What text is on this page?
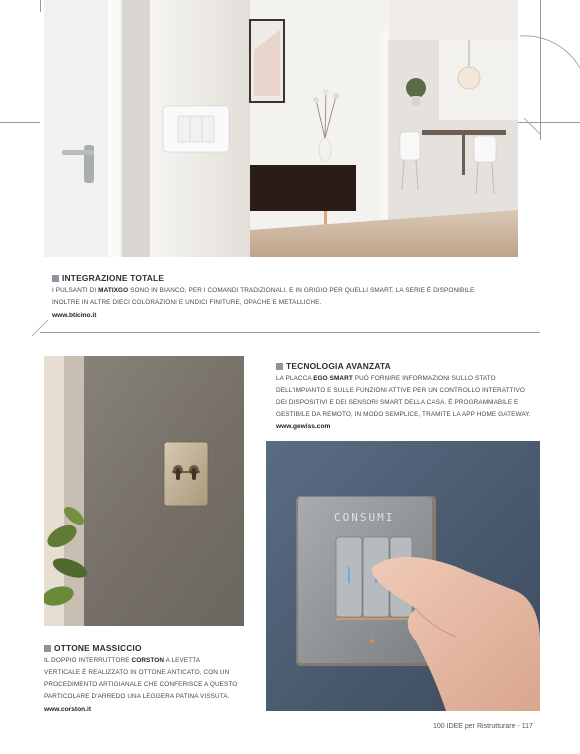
INTEGRAZIONE TOTALE
I PULSANTI DI MATIXGO SONO IN BIANCO, PER I COMANDI TRADIZIONALI, E IN GRIGIO PER QUELLI SMART. LA SERIE È DISPONIBILE
INOLTRE IN ALTRE DIECI COLORAZIONI E UNDICI FINITURE, OPACHE E METALLICHE.
www.bticino.it
OTTONE MASSICCIO
IL DOPPIO INTERRUTTORE CORSTON A LEVETTA
VERTICALE È REALIZZATO IN OTTONE ANTICATO, CON UN
PROCEDIMENTO ARTIGIANALE CHE CONFERISCE A QUESTO
PARTICOLARE D'ARREDO UNA LEGGERA PATINA VISSUTA.
www.corston.it
TECNOLOGIA AVANZATA
LA PLACCA EGO SMART PUÒ FORNIRE INFORMAZIONI SULLO STATO
DELL'IMPIANTO E SULLE FUNZIONI ATTIVE PER UN CONTROLLO INTERATTIVO
DEI DISPOSITIVI E DEI SENSORI SMART DELLA CASA. È PROGRAMMABILE E
GESTIBILE DA REMOTO, IN MODO SEMPLICE, TRAMITE LA APP HOME GATEWAY.
www.gewiss.com
CONSUMI
100 IDEE per Ristrutturare - 117
